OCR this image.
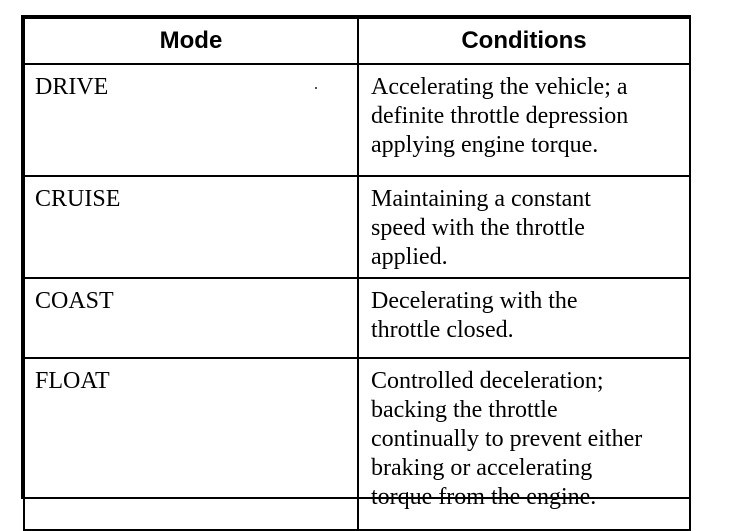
Mode	Conditions
DRIVE	Accelerating the vehicle; a
definite throttle depression
applying engine torque.

CRUISE	Maintaining a constant
speed with the throttle
applied.

COAST	Decelerating with the
throttle closed.

FLOAT	Controlled deceleration;
backing the throttle
continually to prevent either
braking or accelerating
torque from the engine.
